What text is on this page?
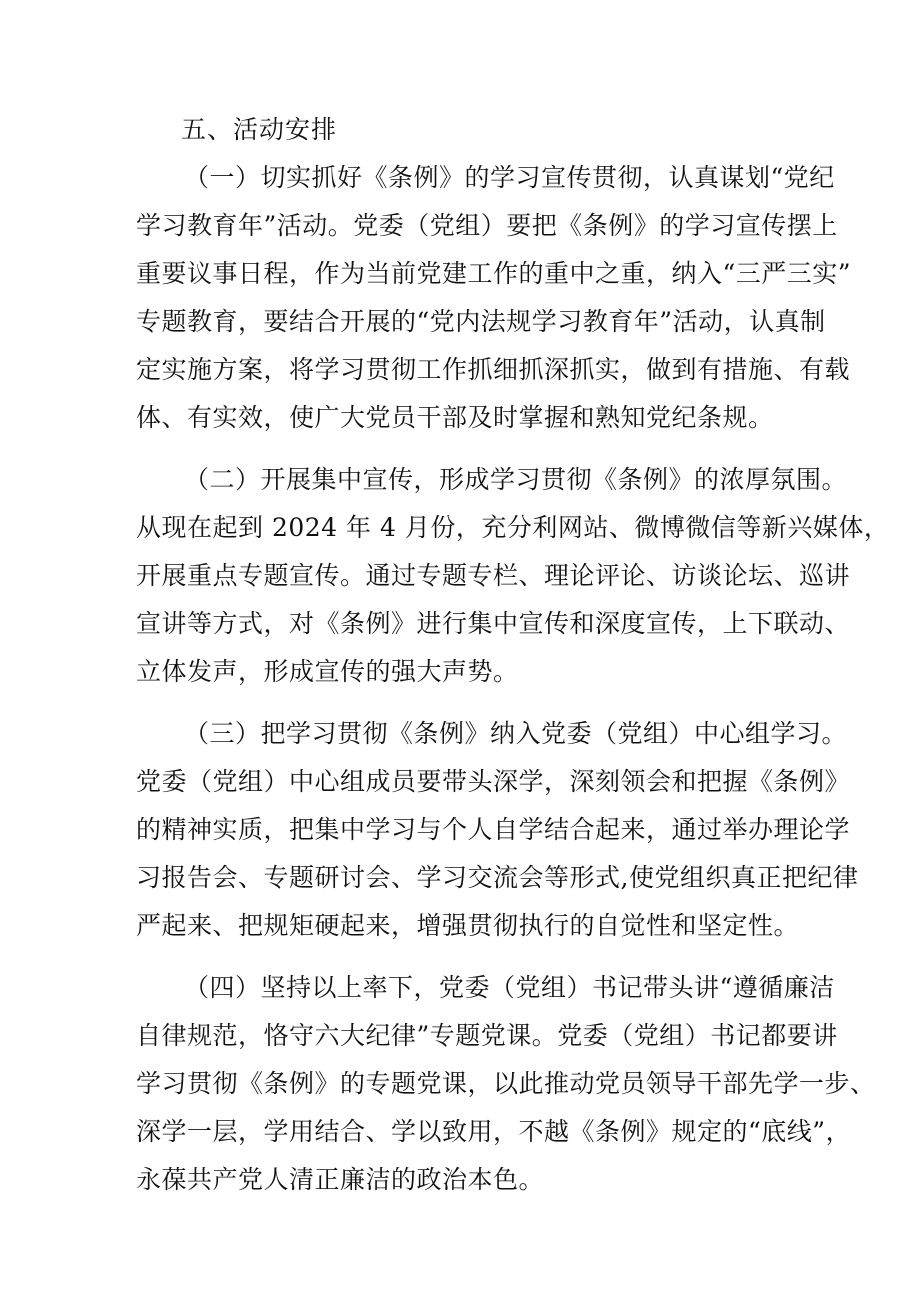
五、活动安排

（一）切实抓好《条例》的学习宣传贯彻，认真谋划“党纪
学习教育年”活动。党委（党组）要把《条例》的学习宣传摆上
重要议事日程，作为当前党建工作的重中之重，纳入“三严三实”
专题教育，要结合开展的“党内法规学习教育年”活动，认真制
定实施方案，将学习贯彻工作抓细抓深抓实，做到有措施、有载
体、有实效，使广大党员干部及时掌握和熟知党纪条规。

（二）开展集中宣传，形成学习贯彻《条例》的浓厚氛围。
从现在起到 2024 年 4 月份，充分利网站、微博微信等新兴媒体，
开展重点专题宣传。通过专题专栏、理论评论、访谈论坛、巡讲
宣讲等方式，对《条例》进行集中宣传和深度宣传，上下联动、
立体发声，形成宣传的强大声势。

（三）把学习贯彻《条例》纳入党委（党组）中心组学习。
党委（党组）中心组成员要带头深学，深刻领会和把握《条例》
的精神实质，把集中学习与个人自学结合起来，通过举办理论学
习报告会、专题研讨会、学习交流会等形式,使党组织真正把纪律
严起来、把规矩硬起来，增强贯彻执行的自觉性和坚定性。

（四）坚持以上率下，党委（党组）书记带头讲“遵循廉洁
自律规范，恪守六大纪律”专题党课。党委（党组）书记都要讲
学习贯彻《条例》的专题党课，以此推动党员领导干部先学一步、
深学一层，学用结合、学以致用，不越《条例》规定的“底线”，
永葆共产党人清正廉洁的政治本色。
